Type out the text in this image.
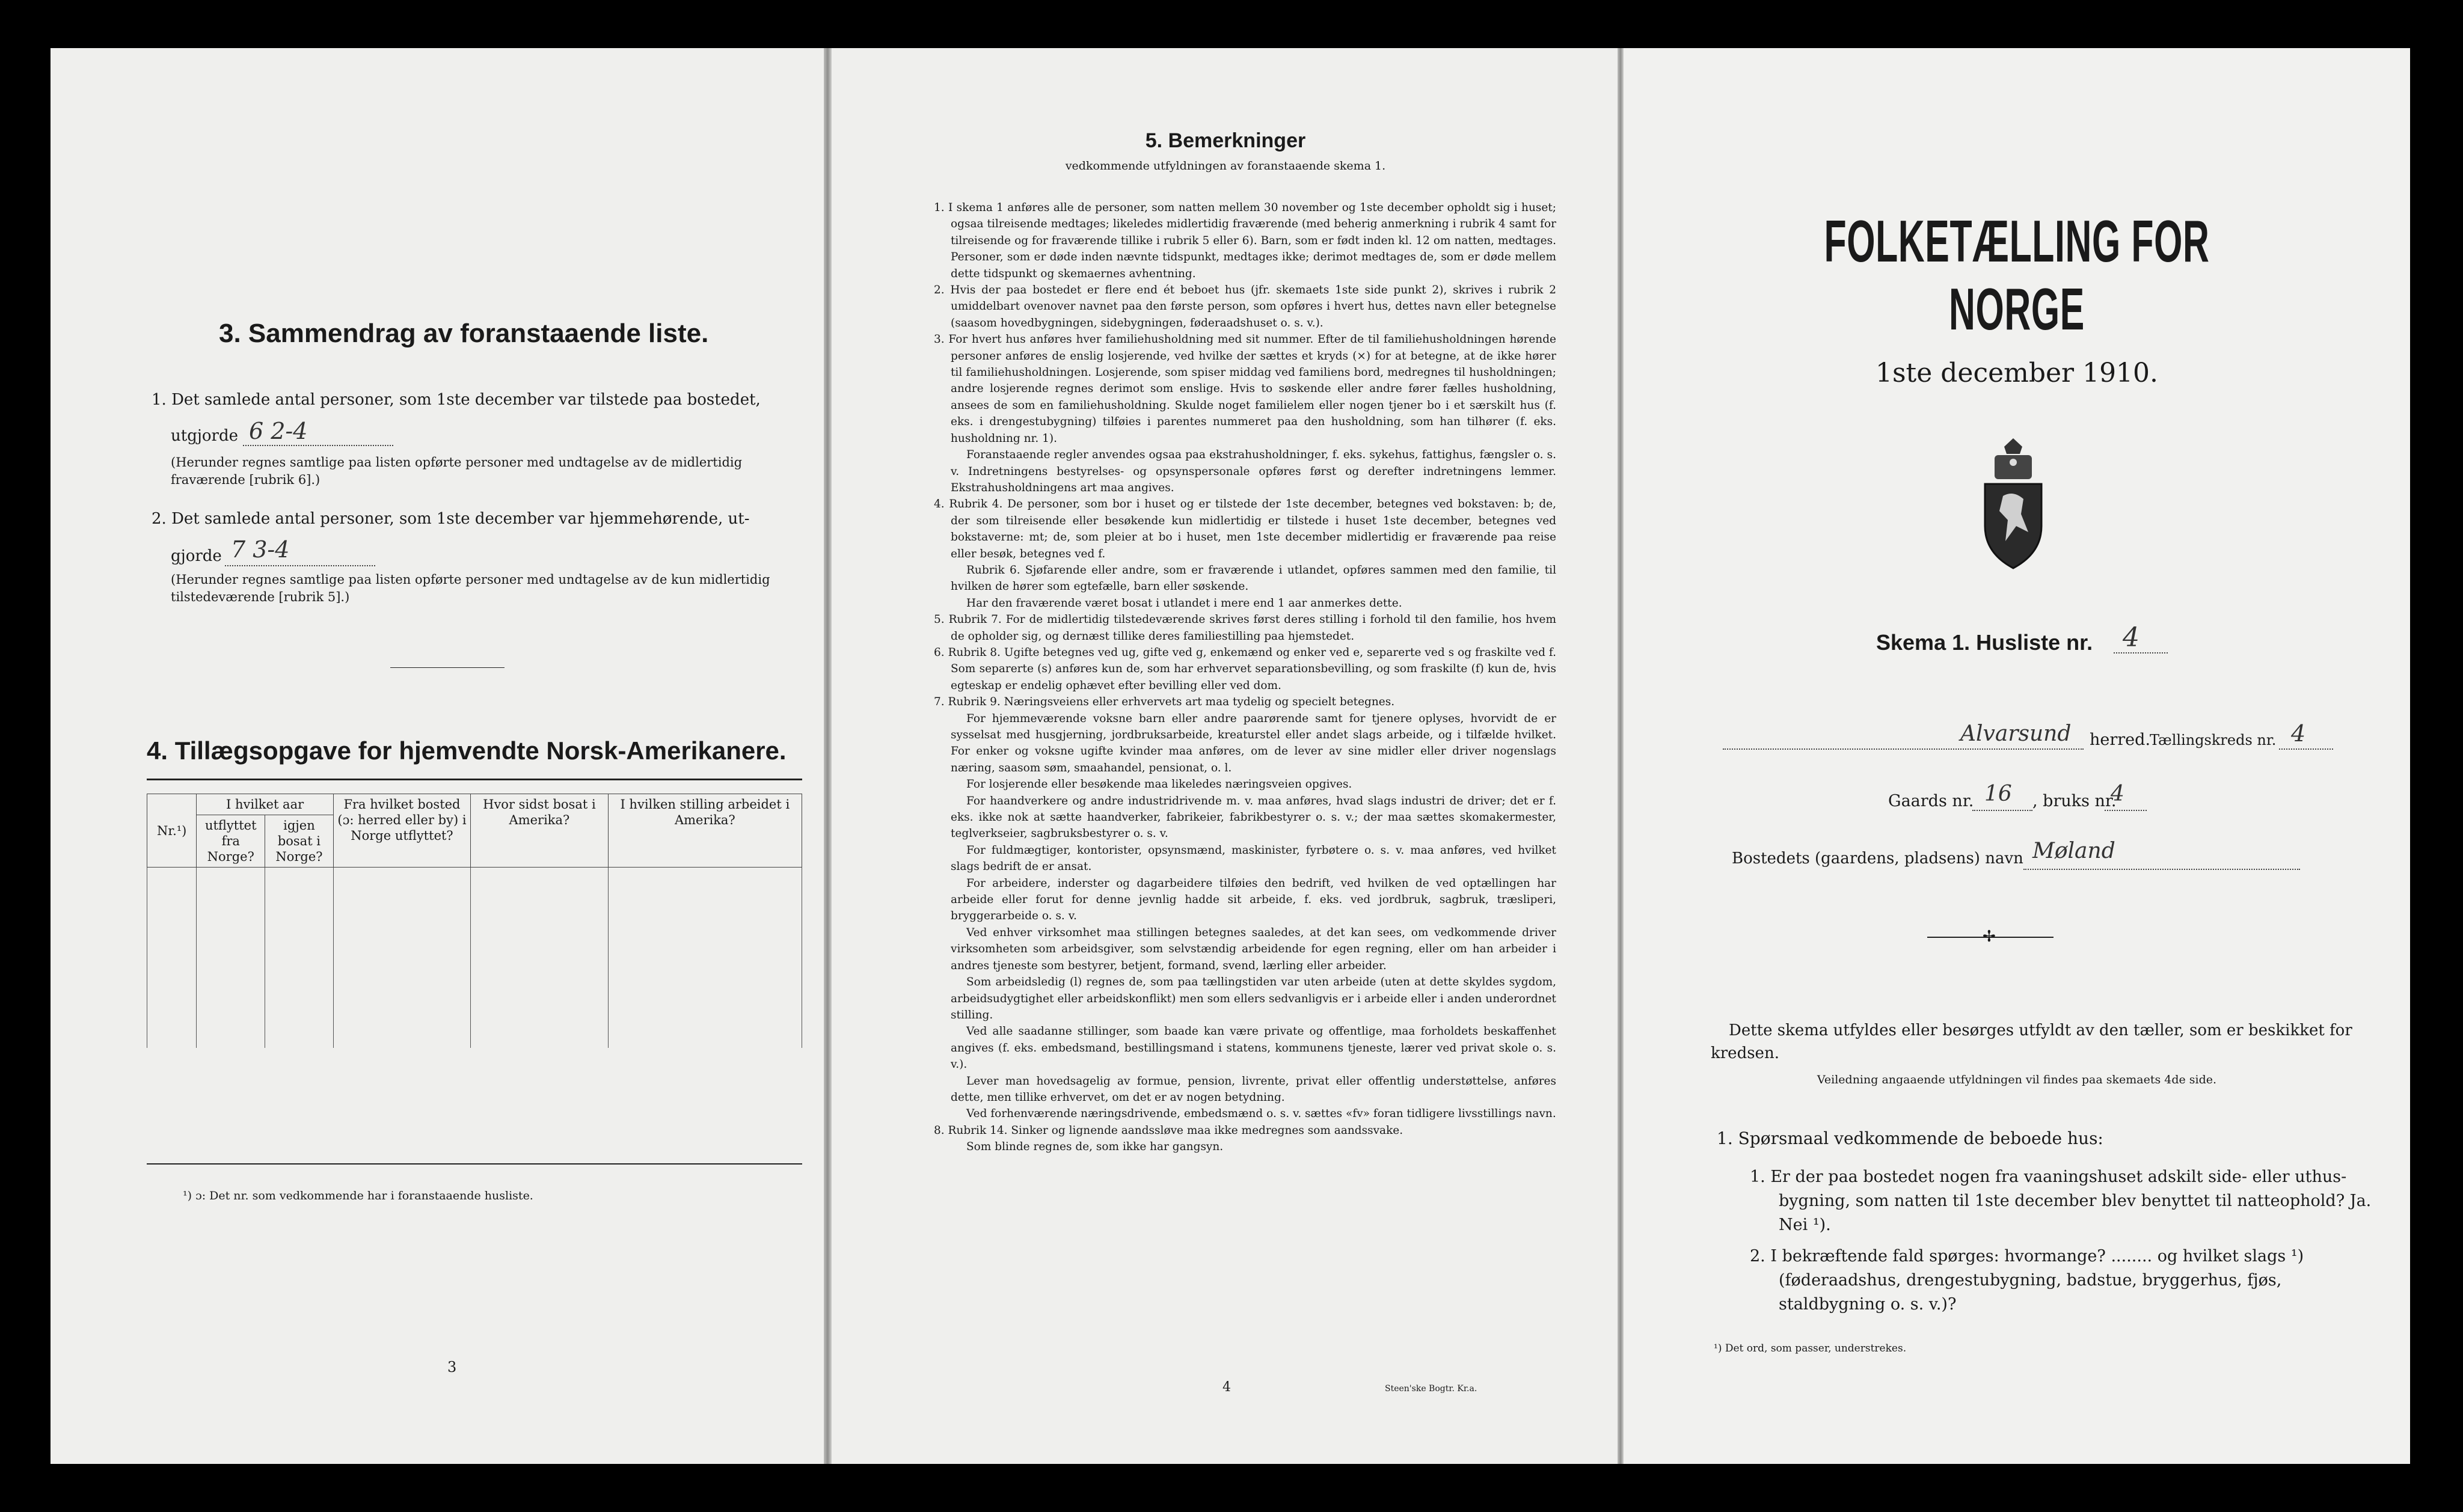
3. Sammendrag av foranstaaende liste.
1. Det samlede antal personer, som 1ste december var tilstede paa bostedet,
utgjorde 6 2-4
(Herunder regnes samtlige paa listen opførte personer med undtagelse av de midlertidig fraværende [rubrik 6].)
2. Det samlede antal personer, som 1ste december var hjemmehørende, ut-
gjorde 7 3-4
(Herunder regnes samtlige paa listen opførte personer med undtagelse av de kun midlertidig tilstedeværende [rubrik 5].)
4. Tillægsopgave for hjemvendte Norsk-Amerikanere.
Nr.¹)	I hvilket aar		Fra hvilket bosted (ɔ: herred eller by) i Norge utflyttet?	Hvor sidst bosat i Amerika?	I hvilken stilling arbeidet i Amerika?
	utflyttet fra Norge?	igjen bosat i Norge?			

¹) ɔ: Det nr. som vedkommende har i foranstaaende husliste.
3
5. Bemerkninger
vedkommende utfyldningen av foranstaaende skema 1.

1. I skema 1 anføres alle de personer, som natten mellem 30 november og 1ste december opholdt sig i huset; ogsaa tilreisende medtages; likeledes midlertidig fraværende (med beherig anmerkning i rubrik 4 samt for tilreisende og for fraværende tillike i rubrik 5 eller 6). Barn, som er født inden kl. 12 om natten, medtages. Personer, som er døde inden nævnte tidspunkt, medtages ikke; derimot medtages de, som er døde mellem dette tidspunkt og skemaernes avhentning.

2. Hvis der paa bostedet er flere end ét beboet hus (jfr. skemaets 1ste side punkt 2), skrives i rubrik 2 umiddelbart ovenover navnet paa den første person, som opføres i hvert hus, dettes navn eller betegnelse (saasom hovedbygningen, sidebygningen, føderaadshuset o. s. v.).

3. For hvert hus anføres hver familiehusholdning med sit nummer. Efter de til familiehusholdningen hørende personer anføres de enslig losjerende, ved hvilke der sættes et kryds (×) for at betegne, at de ikke hører til familiehusholdningen. Losjerende, som spiser middag ved familiens bord, medregnes til husholdningen; andre losjerende regnes derimot som enslige. Hvis to søskende eller andre fører fælles husholdning, ansees de som en familiehusholdning. Skulde noget familielem eller nogen tjener bo i et særskilt hus (f. eks. i drengestubygning) tilføies i parentes nummeret paa den husholdning, som han tilhører (f. eks. husholdning nr. 1).

Foranstaaende regler anvendes ogsaa paa ekstrahusholdninger, f. eks. sykehus, fattighus, fængsler o. s. v. Indretningens bestyrelses- og opsynspersonale opføres først og derefter indretningens lemmer. Ekstrahusholdningens art maa angives.

4. Rubrik 4. De personer, som bor i huset og er tilstede der 1ste december, betegnes ved bokstaven: b; de, der som tilreisende eller besøkende kun midlertidig er tilstede i huset 1ste december, betegnes ved bokstaverne: mt; de, som pleier at bo i huset, men 1ste december midlertidig er fraværende paa reise eller besøk, betegnes ved f.

Rubrik 6. Sjøfarende eller andre, som er fraværende i utlandet, opføres sammen med den familie, til hvilken de hører som egtefælle, barn eller søskende.

Har den fraværende været bosat i utlandet i mere end 1 aar anmerkes dette.

5. Rubrik 7. For de midlertidig tilstedeværende skrives først deres stilling i forhold til den familie, hos hvem de opholder sig, og dernæst tillike deres familiestilling paa hjemstedet.

6. Rubrik 8. Ugifte betegnes ved ug, gifte ved g, enkemænd og enker ved e, separerte ved s og fraskilte ved f. Som separerte (s) anføres kun de, som har erhvervet separationsbevilling, og som fraskilte (f) kun de, hvis egteskap er endelig ophævet efter bevilling eller ved dom.

7. Rubrik 9. Næringsveiens eller erhvervets art maa tydelig og specielt betegnes.

For hjemmeværende voksne barn eller andre paarørende samt for tjenere oplyses, hvorvidt de er sysselsat med husgjerning, jordbruksarbeide, kreaturstel eller andet slags arbeide, og i tilfælde hvilket. For enker og voksne ugifte kvinder maa anføres, om de lever av sine midler eller driver nogenslags næring, saasom søm, smaahandel, pensionat, o. l.

For losjerende eller besøkende maa likeledes næringsveien opgives.

For haandverkere og andre industridrivende m. v. maa anføres, hvad slags industri de driver; det er f. eks. ikke nok at sætte haandverker, fabrikeier, fabrikbestyrer o. s. v.; der maa sættes skomakermester, teglverkseier, sagbruksbestyrer o. s. v.

For fuldmægtiger, kontorister, opsynsmænd, maskinister, fyrbøtere o. s. v. maa anføres, ved hvilket slags bedrift de er ansat.

For arbeidere, inderster og dagarbeidere tilføies den bedrift, ved hvilken de ved optællingen har arbeide eller forut for denne jevnlig hadde sit arbeide, f. eks. ved jordbruk, sagbruk, træsliperi, bryggerarbeide o. s. v.

Ved enhver virksomhet maa stillingen betegnes saaledes, at det kan sees, om vedkommende driver virksomheten som arbeidsgiver, som selvstændig arbeidende for egen regning, eller om han arbeider i andres tjeneste som bestyrer, betjent, formand, svend, lærling eller arbeider.

Som arbeidsledig (l) regnes de, som paa tællingstiden var uten arbeide (uten at dette skyldes sygdom, arbeidsudygtighet eller arbeidskonflikt) men som ellers sedvanligvis er i arbeide eller i anden underordnet stilling.

Ved alle saadanne stillinger, som baade kan være private og offentlige, maa forholdets beskaffenhet angives (f. eks. embedsmand, bestillingsmand i statens, kommunens tjeneste, lærer ved privat skole o. s. v.).

Lever man hovedsagelig av formue, pension, livrente, privat eller offentlig understøttelse, anføres dette, men tillike erhvervet, om det er av nogen betydning.

Ved forhenværende næringsdrivende, embedsmænd o. s. v. sættes «fv» foran tidligere livsstillings navn.

8. Rubrik 14. Sinker og lignende aandssløve maa ikke medregnes som aandssvake.

Som blinde regnes de, som ikke har gangsyn.

4	Steen'ske Bogtr. Kr.a.
FOLKETÆLLING FOR NORGE
1ste december 1910.
Skema 1. Husliste nr. 4
Alvarsund herred.
Tællingskreds nr. 4
Gaards nr. 16 , bruks nr.
4
Bostedets (gaardens, pladsens) navn Møland
✢
Dette skema utfyldes eller besørges utfyldt av den tæller, som er beskikket for kredsen.
Veiledning angaaende utfyldningen vil findes paa skemaets 4de side.
1. Spørsmaal vedkommende de beboede hus:
1. Er der paa bostedet nogen fra vaaningshuset adskilt side- eller uthus-bygning, som natten til 1ste december blev benyttet til natteophold? Ja. Nei ¹).
2. I bekræftende fald spørges: hvormange? ........ og hvilket slags ¹) (føderaadshus, drengestubygning, badstue, bryggerhus, fjøs, staldbygning o. s. v.)?
¹) Det ord, som passer, understrekes.
